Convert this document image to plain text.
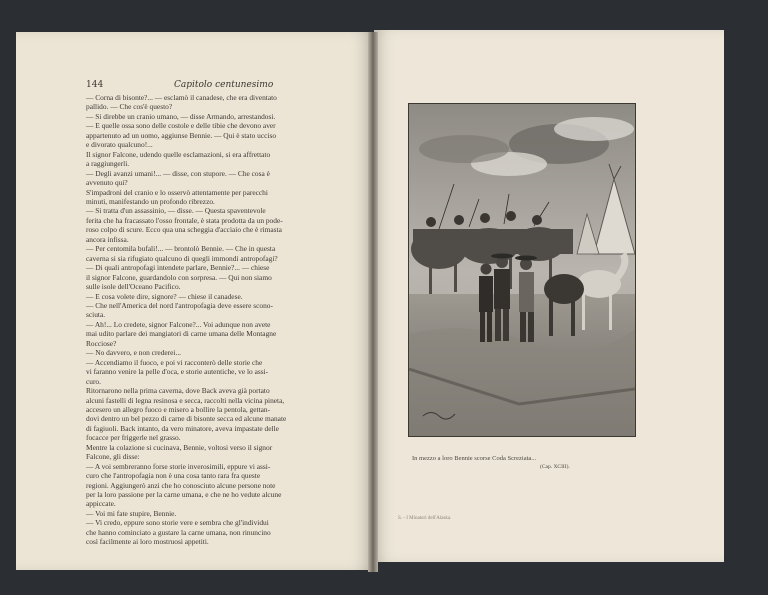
144	Capitolo centunesimo
— Corna di bisonte?... — esclamò il canadese, che era diventato
pallido. — Che cos'è questo?
— Si direbbe un cranio umano, — disse Armando, arrestandosi.
— E quelle ossa sono delle costole e delle tibie che devono aver
appartenuto ad un uomo, aggiunse Bennie. — Qui è stato ucciso
e divorato qualcuno!...
Il signor Falcone, udendo quelle esclamazioni, si era affrettato
a raggiungerli.
— Degli avanzi umani!... — disse, con stupore. — Che cosa è
avvenuto qui?
S'impadronì del cranio e lo osservò attentamente per parecchi
minuti, manifestando un profondo ribrezzo.
— Si tratta d'un assassinio, — disse. — Questa spaventevole
ferita che ha fracassato l'osso frontale, è stata prodotta da un pode-
roso colpo di scure. Ecco qua una scheggia d'acciaio che è rimasta
ancora infissa.
— Per centomila bufali!... — brontolò Bennie. — Che in questa
caverna si sia rifugiato qualcuno di quegli immondi antropofagi?
— Di quali antropofagi intendete parlare, Bennie?... — chiese
il signor Falcone, guardandolo con sorpresa. — Qui non siamo
sulle isole dell'Oceano Pacifico.
— E cosa volete dire, signore? — chiese il canadese.
— Che nell'America del nord l'antropofagia deve essere scono-
sciuta.
— Ah!... Lo credete, signor Falcone?... Voi adunque non avete
mai udito parlare dei mangiatori di carne umana delle Montagne
Rocciose?
— No davvero, e non crederei...
— Accendiamo il fuoco, e poi vi racconterò delle storie che
vi faranno venire la pelle d'oca, e storie autentiche, ve lo assi-
curo.
Ritornarono nella prima caverna, dove Back aveva già portato
alcuni fastelli di legna resinosa e secca, raccolti nella vicina pineta,
accesero un allegro fuoco e misero a bollire la pentola, gettan-
dovi dentro un bel pezzo di carne di bisonte secca ed alcune manate
di fagiuoli. Back intanto, da vero minatore, aveva impastate delle
focacce per friggerle nel grasso.
Mentre la colazione si cucinava, Bennie, voltosi verso il signor
Falcone, gli disse:
— A voi sembreranno forse storie inverosimili, eppure vi assi-
curo che l'antropofagia non è una cosa tanto rara fra queste
regioni. Aggiungerò anzi che ho conosciuto alcune persone note
per la loro passione per la carne umana, e che ne ho vedute alcune
appiccate.
— Voi mi fate stupire, Bennie.
— Vi credo, eppure sono storie vere e sembra che gl'individui
che hanno cominciato a gustare la carne umana, non rinuncino
così facilmente ai loro mostruosi appetiti.
In mezzo a loro Bennie scorse Coda Screziata...
(Cap. XCIII).
S. - I Minatori dell'Alaska.
